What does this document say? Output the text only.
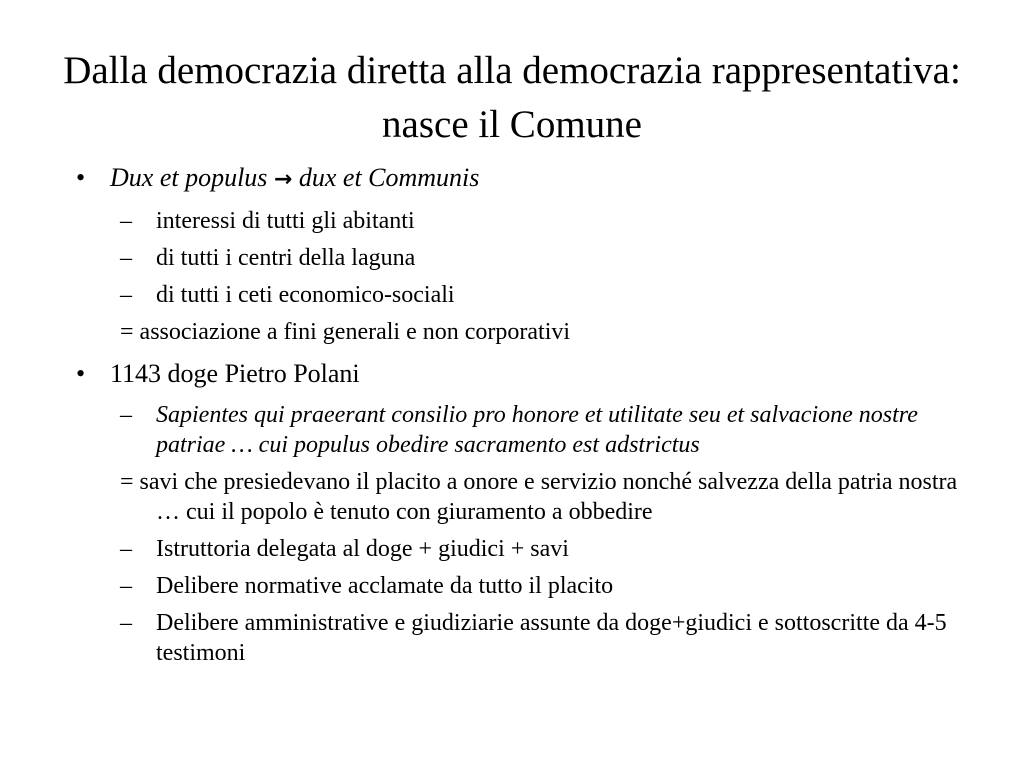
Dalla democrazia diretta alla democrazia rappresentativa: nasce il Comune
• Dux et populus → dux et Communis
– interessi di tutti gli abitanti
– di tutti i centri della laguna
– di tutti i ceti economico-sociali
= associazione a fini generali e non corporativi
• 1143 doge Pietro Polani
– Sapientes qui praeerant consilio pro honore et utilitate seu et salvacione nostre patriae … cui populus obedire sacramento est adstrictus
= savi che presiedevano il placito a onore e servizio nonché salvezza della patria nostra … cui il popolo è tenuto con giuramento a obbedire
– Istruttoria delegata al doge + giudici + savi
– Delibere normative acclamate da tutto il placito
– Delibere amministrative e giudiziarie assunte da doge+giudici e sottoscritte da 4-5 testimoni
